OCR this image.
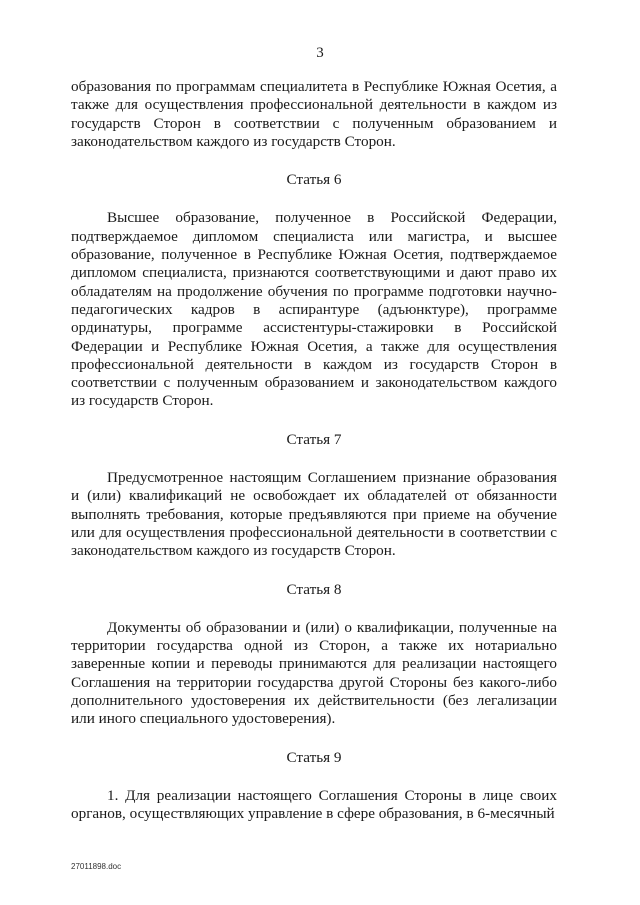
3

образования по программам специалитета в Республике Южная Осетия, а также для осуществления профессиональной деятельности в каждом из государств Сторон в соответствии с полученным образованием и законодательством каждого из государств Сторон.

Статья 6

Высшее образование, полученное в Российской Федерации, подтверждаемое дипломом специалиста или магистра, и высшее образование, полученное в Республике Южная Осетия, подтверждаемое дипломом специалиста, признаются соответствующими и дают право их обладателям на продолжение обучения по программе подготовки научно-педагогических кадров в аспирантуре (адъюнктуре), программе ординатуры, программе ассистентуры-стажировки в Российской Федерации и Республике Южная Осетия, а также для осуществления профессиональной деятельности в каждом из государств Сторон в соответствии с полученным образованием и законодательством каждого из государств Сторон.

Статья 7

Предусмотренное настоящим Соглашением признание образования и (или) квалификаций не освобождает их обладателей от обязанности выполнять требования, которые предъявляются при приеме на обучение или для осуществления профессиональной деятельности в соответствии с законодательством каждого из государств Сторон.

Статья 8

Документы об образовании и (или) о квалификации, полученные на территории государства одной из Сторон, а также их нотариально заверенные копии и переводы принимаются для реализации настоящего Соглашения на территории государства другой Стороны без какого-либо дополнительного удостоверения их действительности (без легализации или иного специального удостоверения).

Статья 9

1. Для реализации настоящего Соглашения Стороны в лице своих органов, осуществляющих управление в сфере образования, в 6-месячный

27011898.doc
